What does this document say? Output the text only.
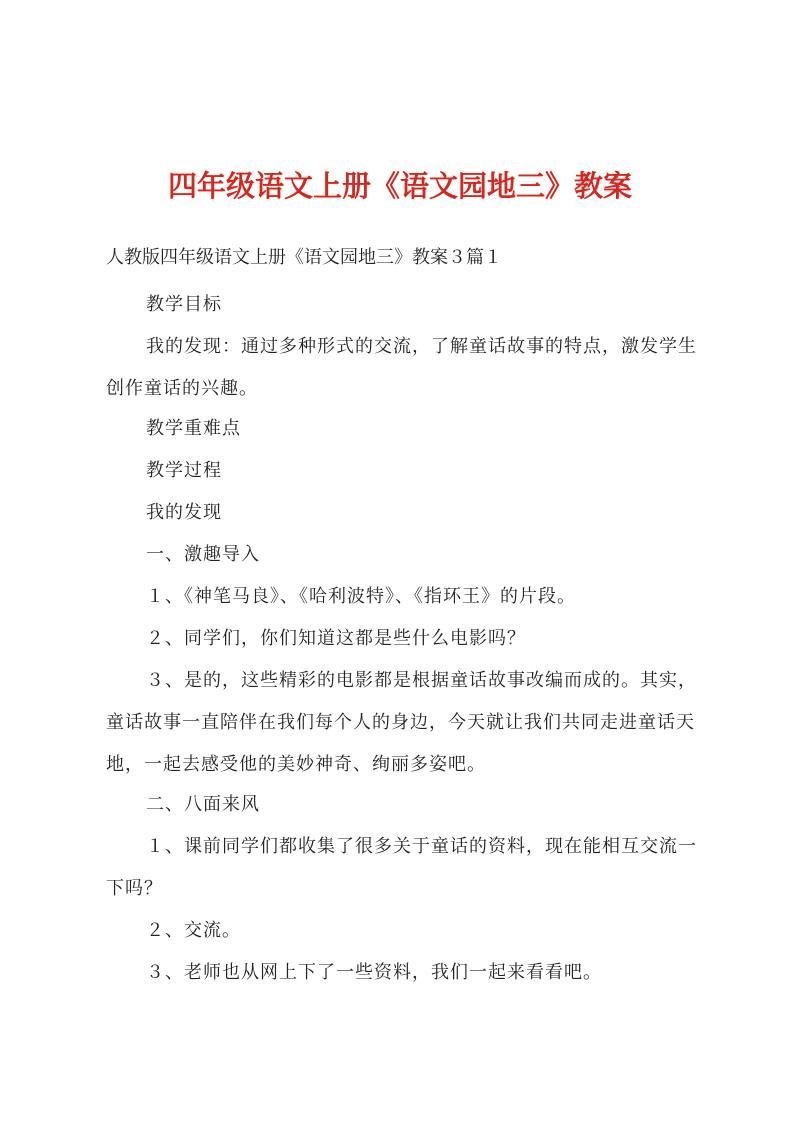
四年级语文上册《语文园地三》教案
人教版四年级语文上册《语文园地三》教案３篇１
教学目标
我的发现：通过多种形式的交流，了解童话故事的特点，激发学生创作童话的兴趣。
教学重难点
教学过程
我的发现
一、激趣导入
１、《神笔马良》、《哈利波特》、《指环王》的片段。
２、同学们，你们知道这都是些什么电影吗？
３、是的，这些精彩的电影都是根据童话故事改编而成的。其实，童话故事一直陪伴在我们每个人的身边，今天就让我们共同走进童话天地，一起去感受他的美妙神奇、绚丽多姿吧。
二、八面来风
１、课前同学们都收集了很多关于童话的资料，现在能相互交流一下吗？
２、交流。
３、老师也从网上下了一些资料，我们一起来看看吧。
